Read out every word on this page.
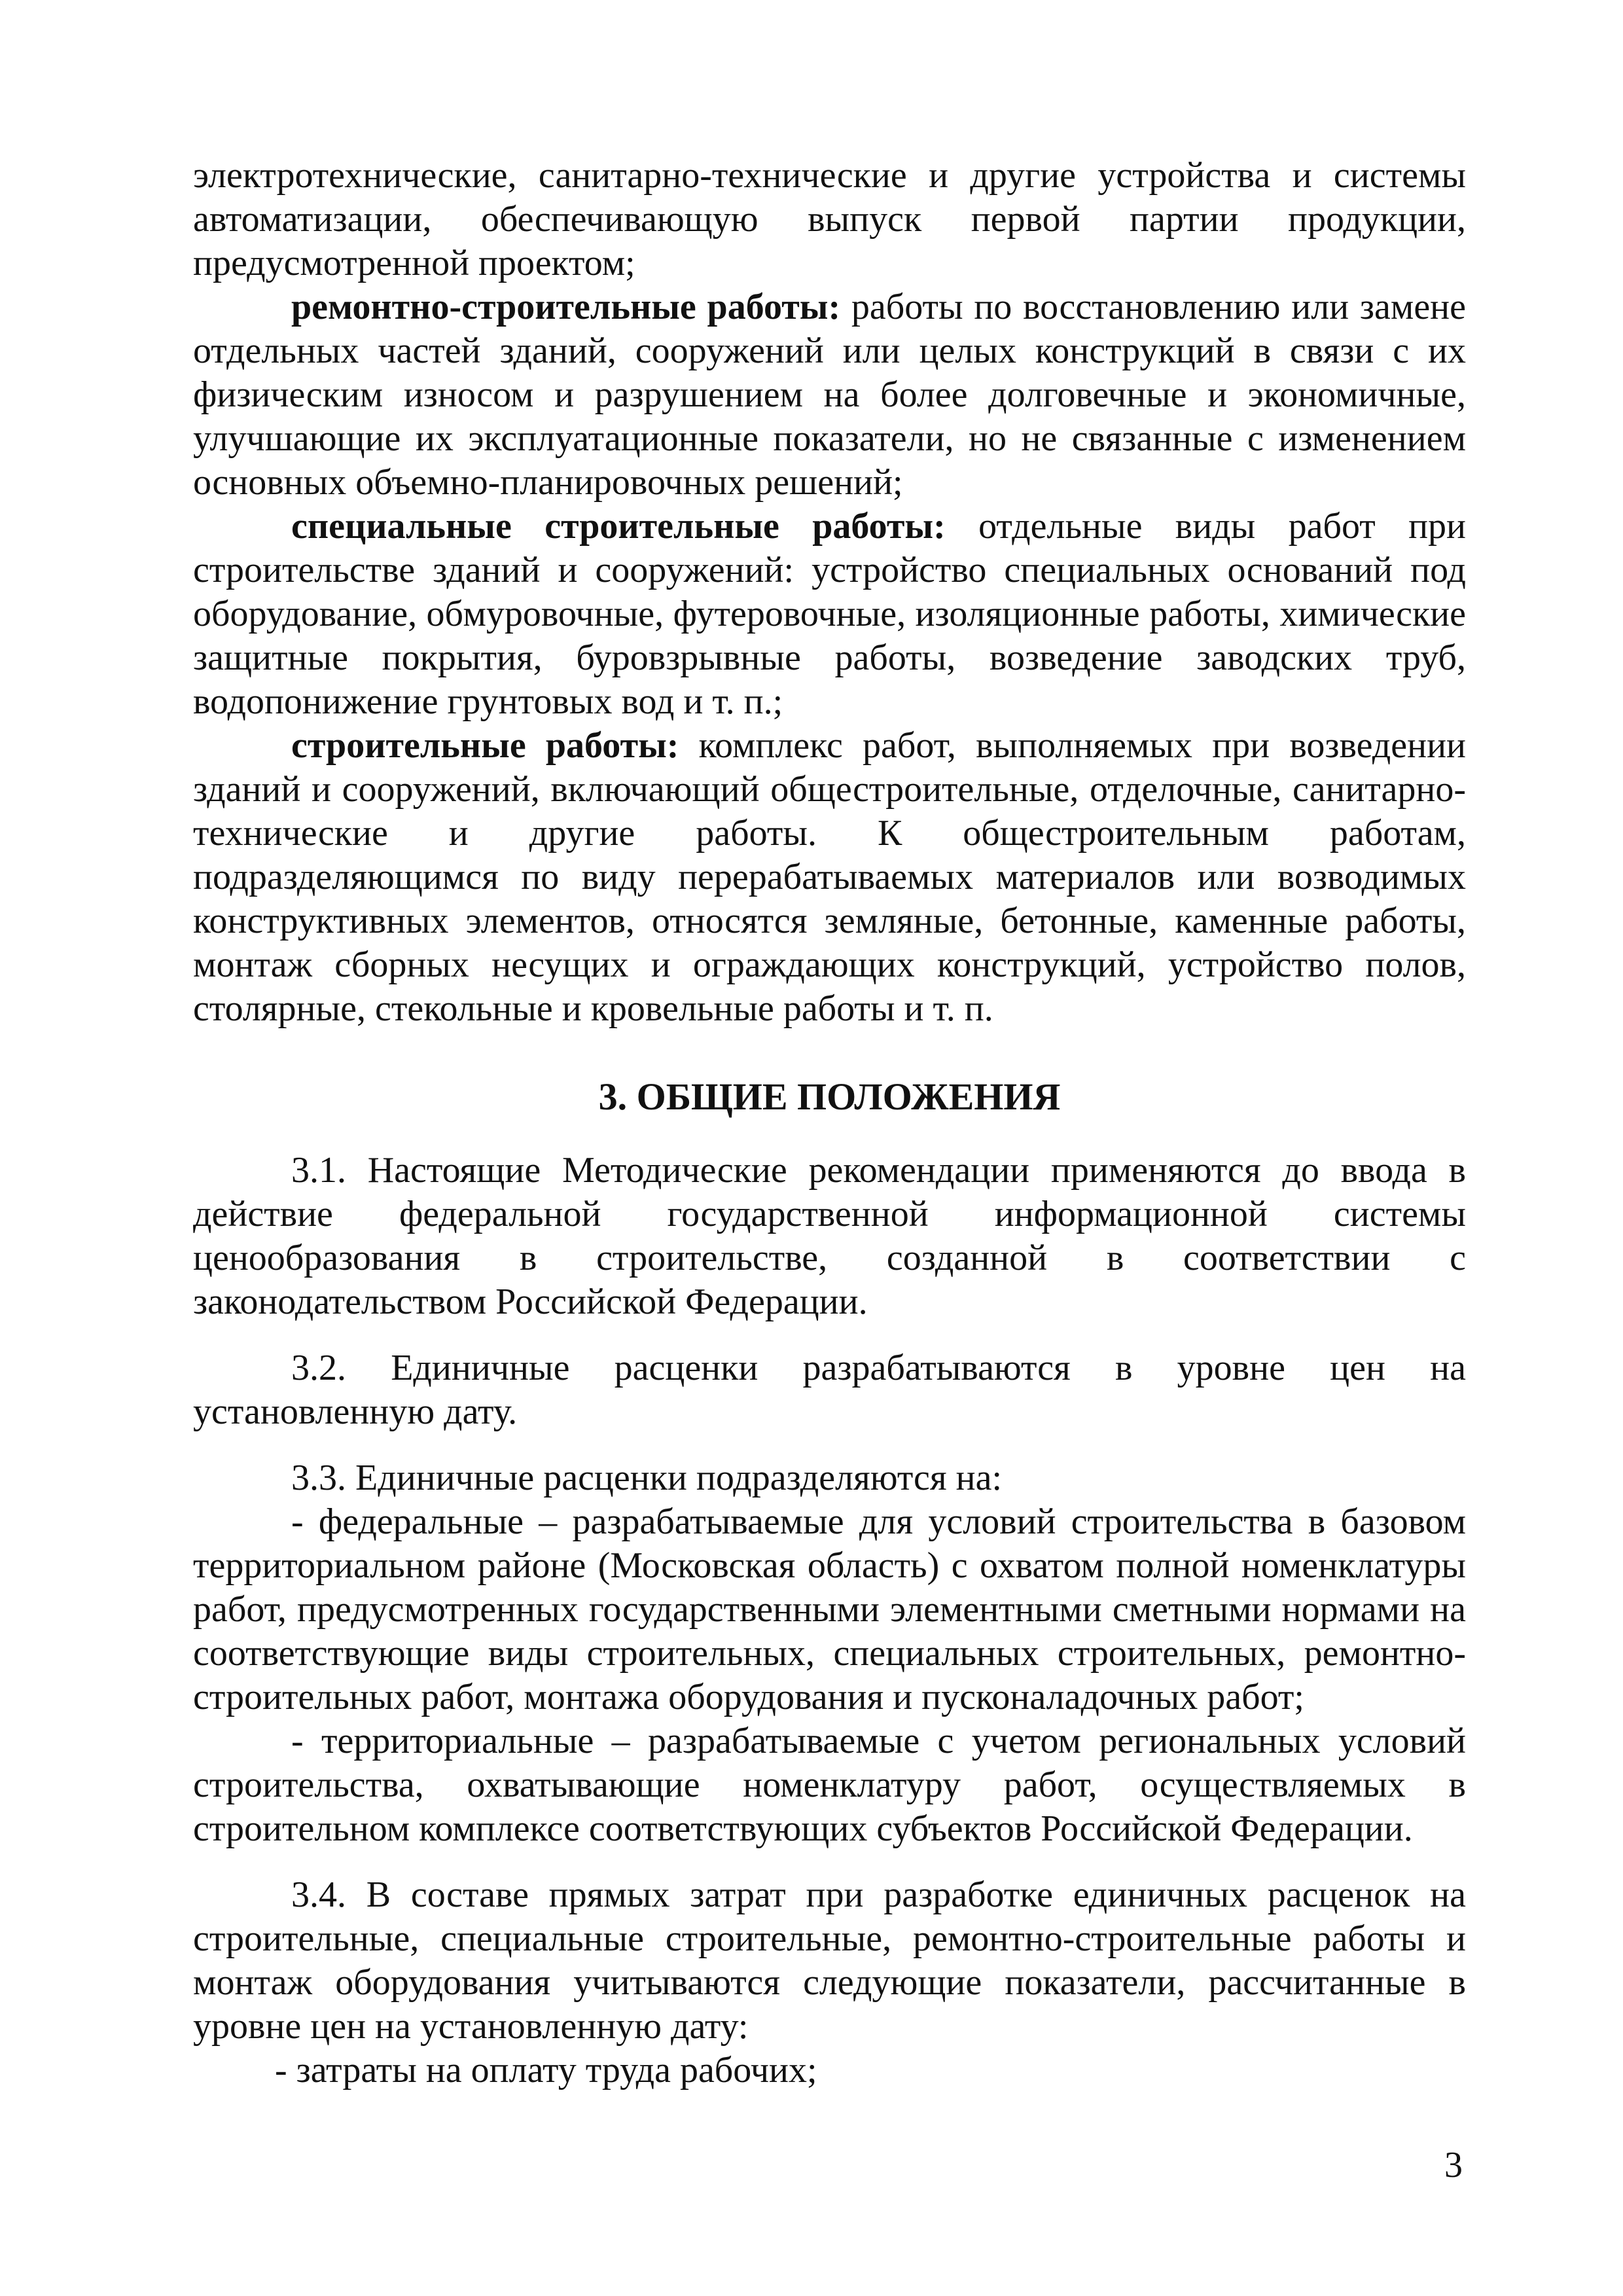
электротехнические, санитарно-технические и другие устройства и системы автоматизации, обеспечивающую выпуск первой партии продукции, предусмотренной проектом;

ремонтно-строительные работы: работы по восстановлению или замене отдельных частей зданий, сооружений или целых конструкций в связи с их физическим износом и разрушением на более долговечные и экономичные, улучшающие их эксплуатационные показатели, но не связанные с изменением основных объемно-планировочных решений;

специальные строительные работы: отдельные виды работ при строительстве зданий и сооружений: устройство специальных оснований под оборудование, обмуровочные, футеровочные, изоляционные работы, химические защитные покрытия, буровзрывные работы, возведение заводских труб, водопонижение грунтовых вод и т. п.;

строительные работы: комплекс работ, выполняемых при возведении зданий и сооружений, включающий общестроительные, отделочные, санитарно-технические и другие работы. К общестроительным работам, подразделяющимся по виду перерабатываемых материалов или возводимых конструктивных элементов, относятся земляные, бетонные, каменные работы, монтаж сборных несущих и ограждающих конструкций, устройство полов, столярные, стекольные и кровельные работы и т. п.

3. ОБЩИЕ ПОЛОЖЕНИЯ

3.1. Настоящие Методические рекомендации применяются до ввода в действие федеральной государственной информационной системы ценообразования в строительстве, созданной в соответствии с законодательством Российской Федерации.

3.2. Единичные расценки разрабатываются в уровне цен на установленную дату.

3.3. Единичные расценки подразделяются на:

- федеральные – разрабатываемые для условий строительства в базовом территориальном районе (Московская область) с охватом полной номенклатуры работ, предусмотренных государственными элементными сметными нормами на соответствующие виды строительных, специальных строительных, ремонтно-строительных работ, монтажа оборудования и пусконаладочных работ;

- территориальные – разрабатываемые с учетом региональных условий строительства, охватывающие номенклатуру работ, осуществляемых в строительном комплексе соответствующих субъектов Российской Федерации.

3.4. В составе прямых затрат при разработке единичных расценок на строительные, специальные строительные, ремонтно-строительные работы и монтаж оборудования учитываются следующие показатели, рассчитанные в уровне цен на установленную дату:

- затраты на оплату труда рабочих;

3
